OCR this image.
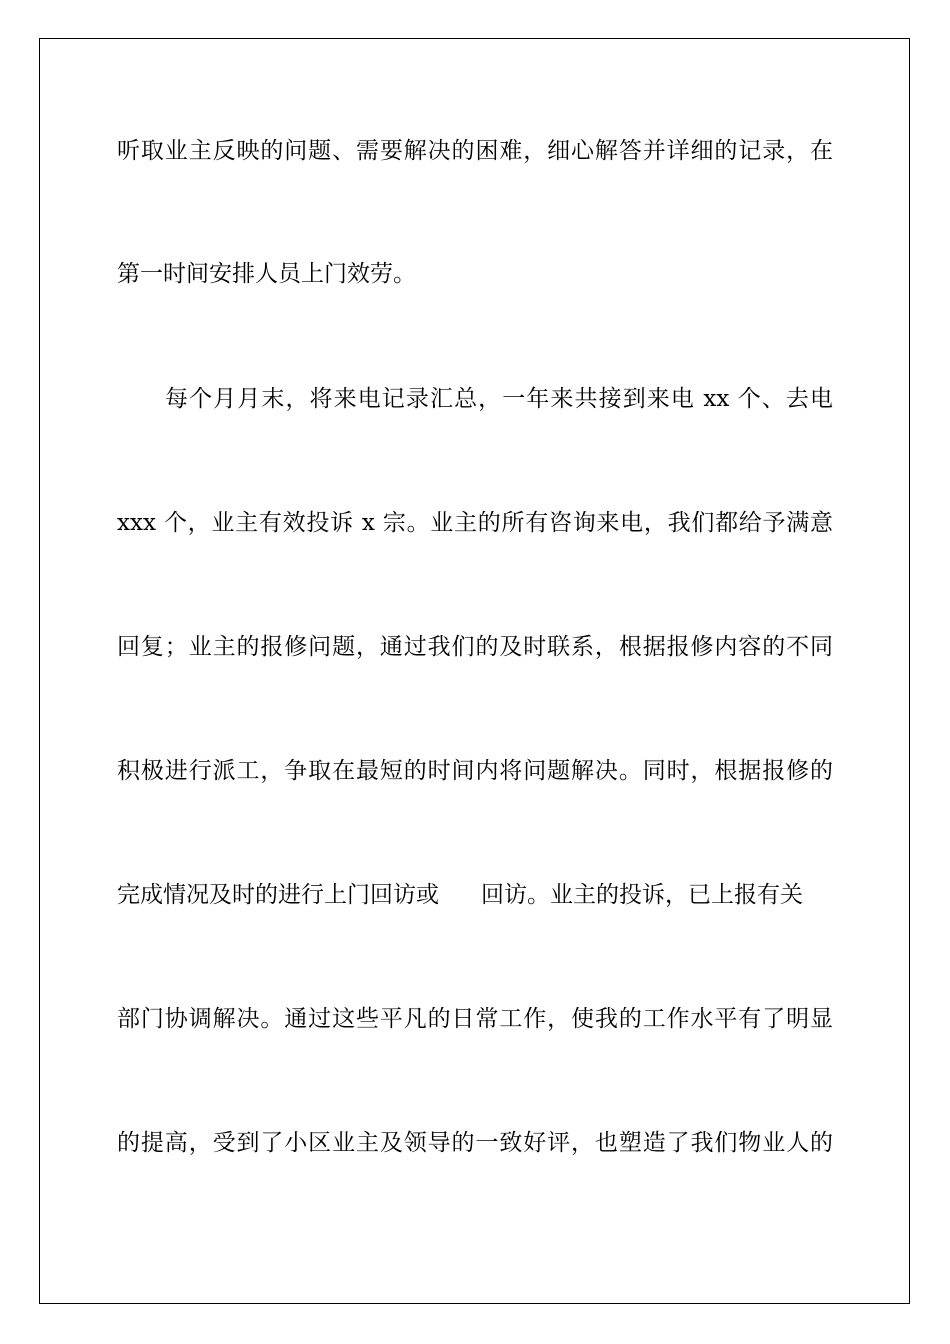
听取业主反映的问题、需要解决的困难，细心解答并详细的记录，在
第一时间安排人员上门效劳。
每个月月末，将来电记录汇总，一年来共接到来电 xx 个、去电
xxx 个，业主有效投诉 x 宗。业主的所有咨询来电，我们都给予满意
回复；业主的报修问题，通过我们的及时联系，根据报修内容的不同
积极进行派工，争取在最短的时间内将问题解决。同时，根据报修的
完成情况及时的进行上门回访或 回访。业主的投诉，已上报有关
部门协调解决。通过这些平凡的日常工作，使我的工作水平有了明显
的提高，受到了小区业主及领导的一致好评，也塑造了我们物业人的
